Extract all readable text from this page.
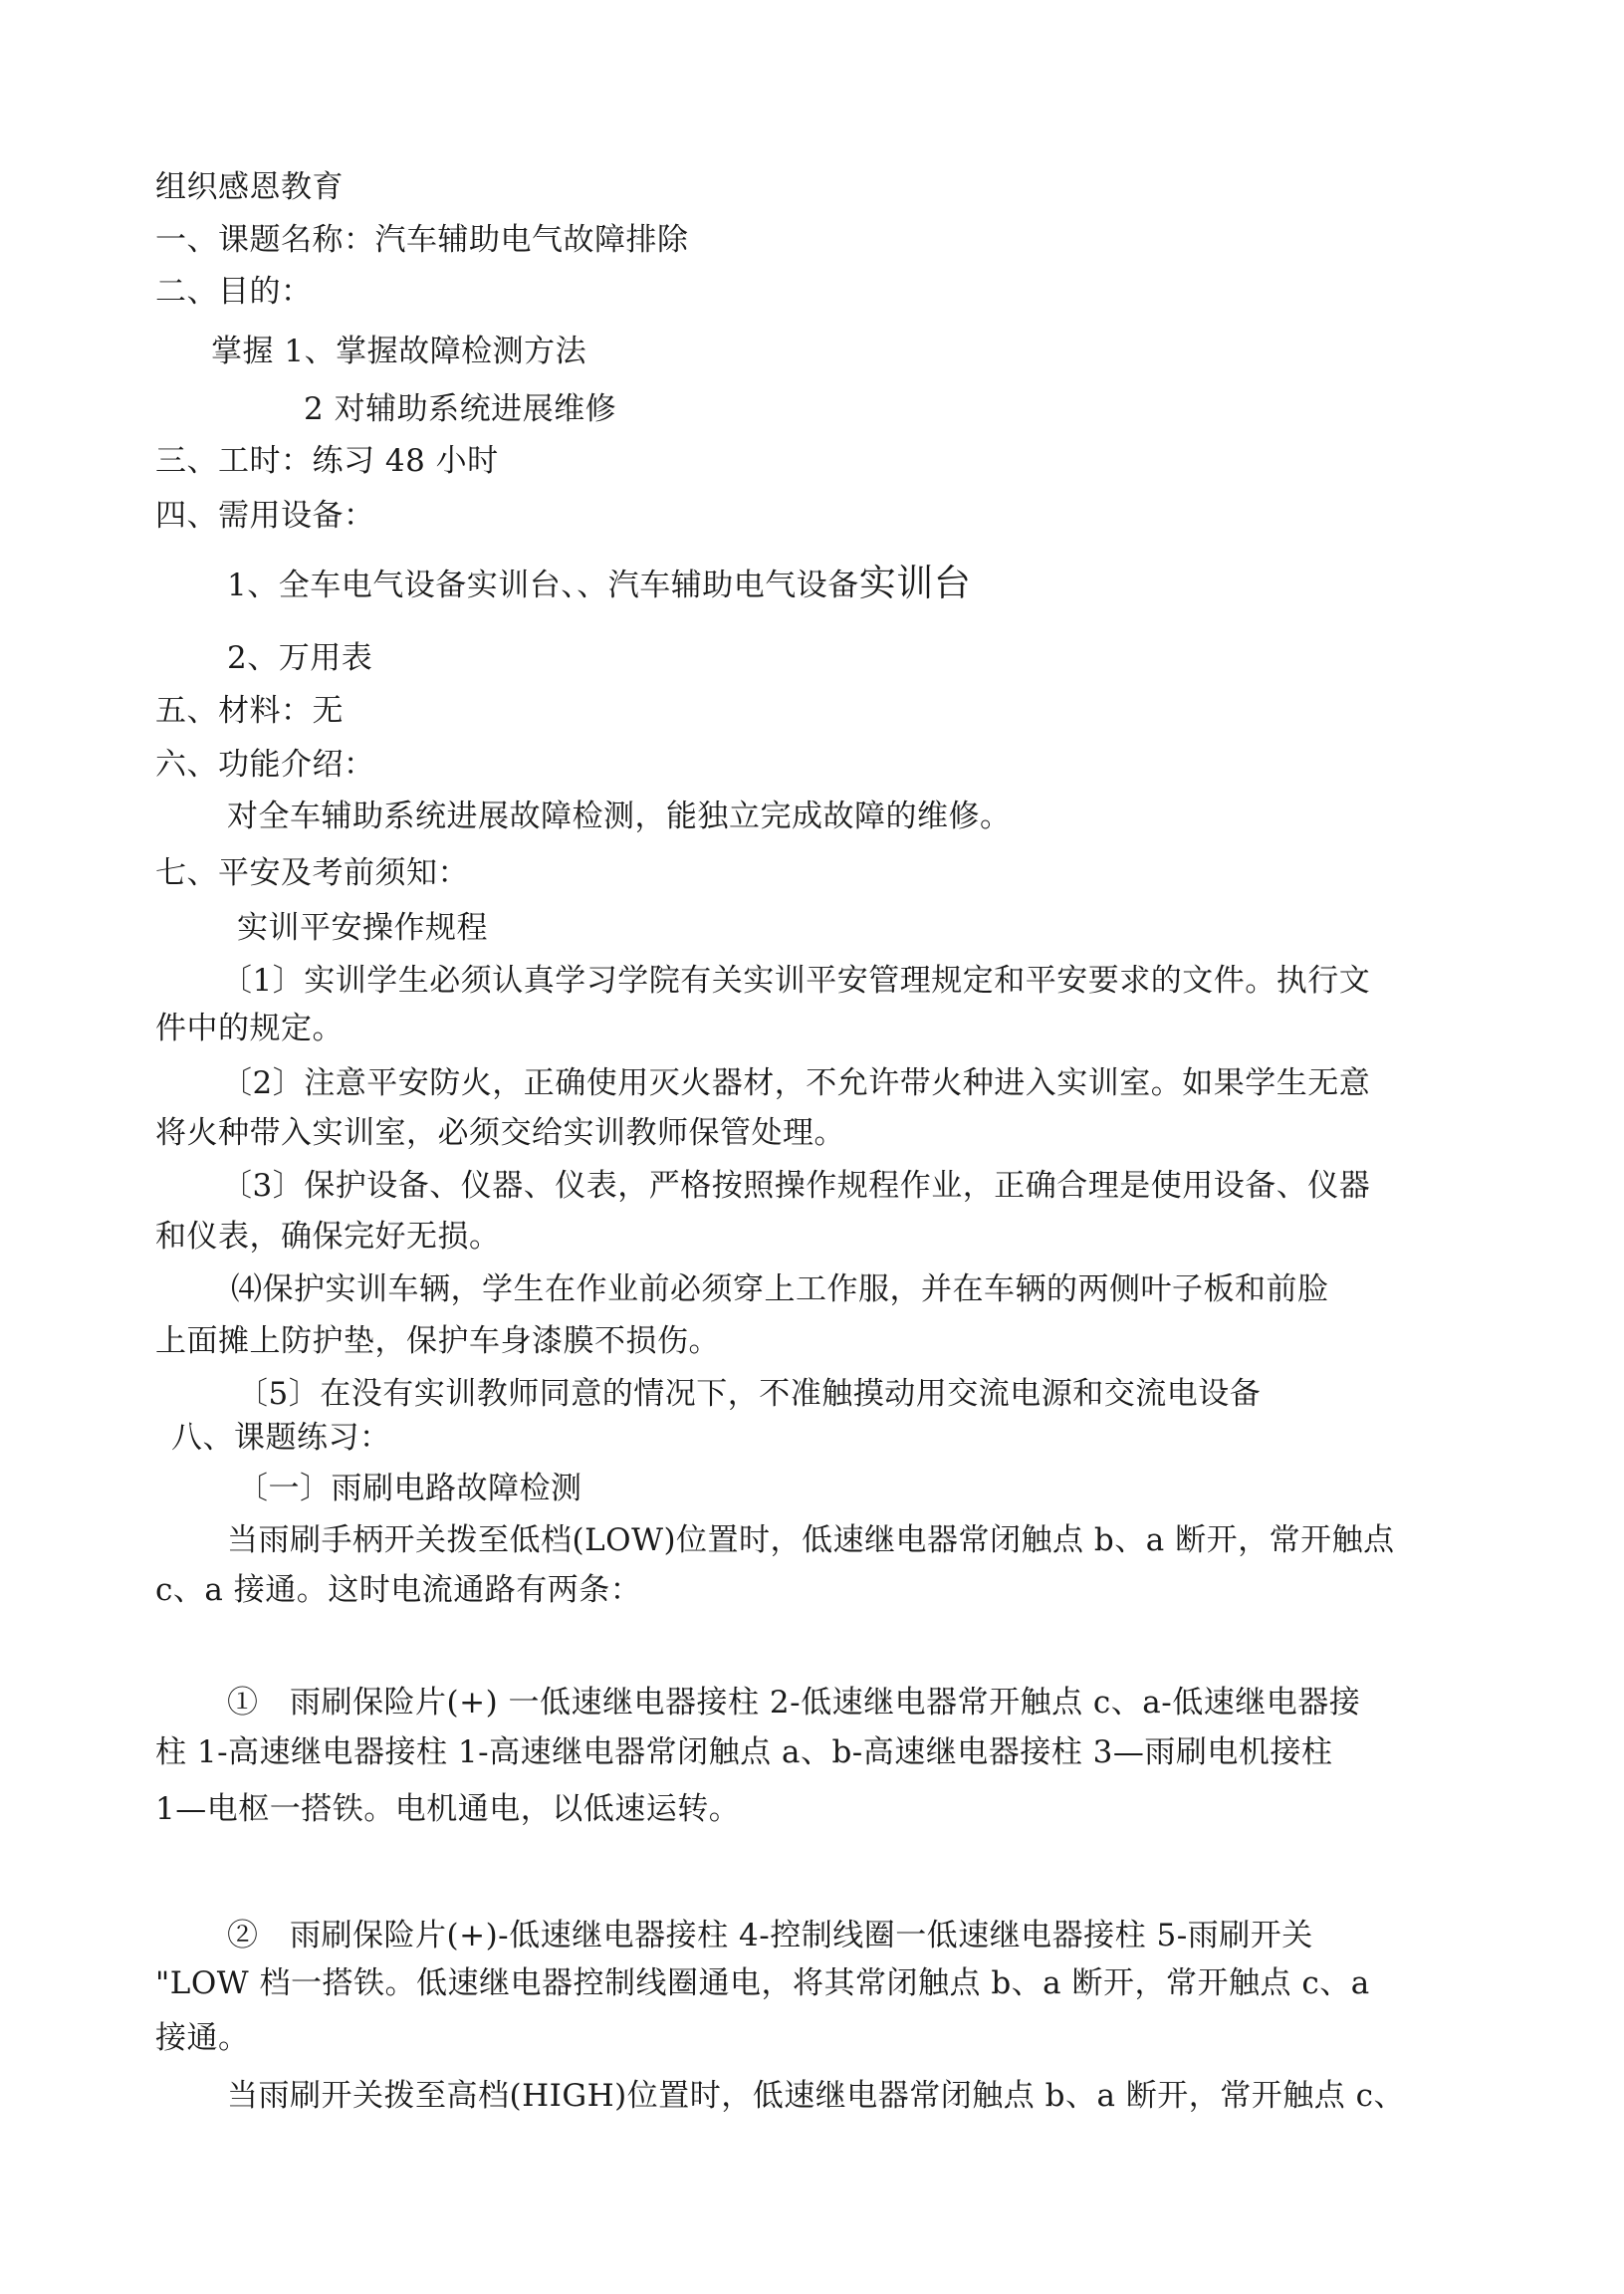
组织感恩教育
一、课题名称：汽车辅助电气故障排除
二、目的：
掌握 1、掌握故障检测方法
2 对辅助系统进展维修
三、工时：练习 48 小时
四、需用设备：
1、全车电气设备实训台、、汽车辅助电气设备实训台
2、万用表
五、材料：无
六、功能介绍：
对全车辅助系统进展故障检测，能独立完成故障的维修。
七、平安及考前须知：
实训平安操作规程
〔1〕实训学生必须认真学习学院有关实训平安管理规定和平安要求的文件。执行文
件中的规定。
〔2〕注意平安防火，正确使用灭火器材，不允许带火种进入实训室。如果学生无意
将火种带入实训室，必须交给实训教师保管处理。
〔3〕保护设备、仪器、仪表，严格按照操作规程作业，正确合理是使用设备、仪器
和仪表，确保完好无损。
⑷保护实训车辆，学生在作业前必须穿上工作服，并在车辆的两侧叶子板和前脸
上面摊上防护垫，保护车身漆膜不损伤。
〔5〕在没有实训教师同意的情况下，不准触摸动用交流电源和交流电设备
八、课题练习：
〔一〕雨刷电路故障检测
当雨刷手柄开关拨至低档(LOW)位置时，低速继电器常闭触点 b、a 断开，常开触点
c、a 接通。这时电流通路有两条：
①　雨刷保险片(+) 一低速继电器接柱 2-低速继电器常开触点 c、a-低速继电器接
柱 1-高速继电器接柱 1-高速继电器常闭触点 a、b-高速继电器接柱 3—雨刷电机接柱
1—电枢一搭铁。电机通电，以低速运转。
②　雨刷保险片(+)-低速继电器接柱 4-控制线圈一低速继电器接柱 5-雨刷开关
"LOW 档一搭铁。低速继电器控制线圈通电，将其常闭触点 b、a 断开，常开触点 c、a
接通。
当雨刷开关拨至高档(HIGH)位置时，低速继电器常闭触点 b、a 断开，常开触点 c、
